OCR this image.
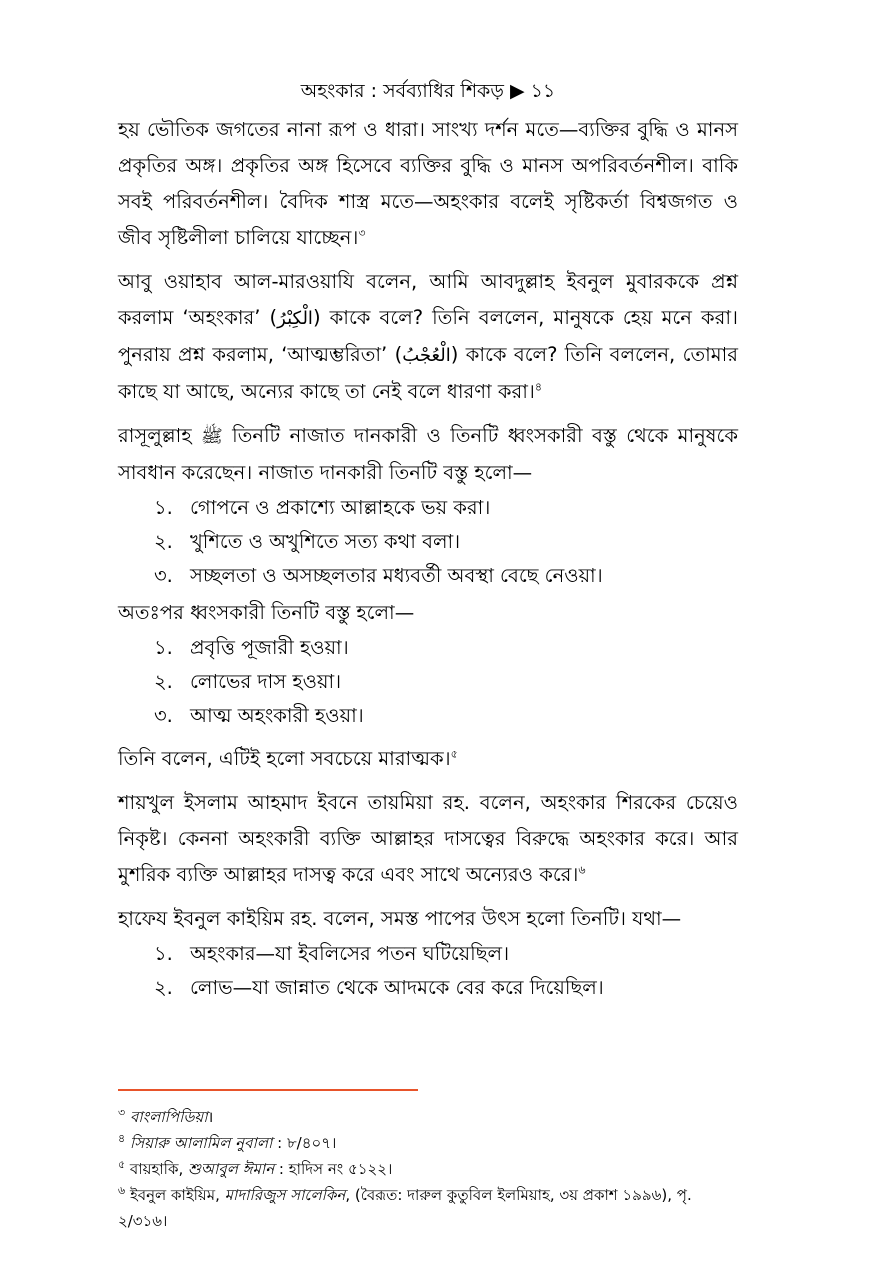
অহংকার : সর্বব্যাধির শিকড় ▶ ১১

হয় ভৌতিক জগতের নানা রূপ ও ধারা। সাংখ্য দর্শন মতে—ব্যক্তির বুদ্ধি ও মানস প্রকৃতির অঙ্গ। প্রকৃতির অঙ্গ হিসেবে ব্যক্তির বুদ্ধি ও মানস অপরিবর্তনশীল। বাকি সবই পরিবর্তনশীল। বৈদিক শাস্ত্র মতে—অহংকার বলেই সৃষ্টিকর্তা বিশ্বজগত ও জীব সৃষ্টিলীলা চালিয়ে যাচ্ছেন।$^৩$

আবু ওয়াহাব আল-মারওয়াযি বলেন, আমি আবদুল্লাহ ইবনুল মুবারককে প্রশ্ন করলাম ‘অহংকার’ (الْكِبْرُ) কাকে বলে? তিনি বললেন, মানুষকে হেয় মনে করা। পুনরায় প্রশ্ন করলাম, ‘আত্মম্ভরিতা’ (الْعُجْبُ) কাকে বলে? তিনি বললেন, তোমার কাছে যা আছে, অন্যের কাছে তা নেই বলে ধারণা করা।$^৪$

রাসূলুল্লাহ ﷺ তিনটি নাজাত দানকারী ও তিনটি ধ্বংসকারী বস্তু থেকে মানুষকে সাবধান করেছেন। নাজাত দানকারী তিনটি বস্তু হলো—

১. গোপনে ও প্রকাশ্যে আল্লাহকে ভয় করা।
২. খুশিতে ও অখুশিতে সত্য কথা বলা।
৩. সচ্ছলতা ও অসচ্ছলতার মধ্যবর্তী অবস্থা বেছে নেওয়া।

অতঃপর ধ্বংসকারী তিনটি বস্তু হলো—

১. প্রবৃত্তি পূজারী হওয়া।
২. লোভের দাস হওয়া।
৩. আত্ম অহংকারী হওয়া।

তিনি বলেন, এটিই হলো সবচেয়ে মারাত্মক।$^৫$

শায়খুল ইসলাম আহমাদ ইবনে তায়মিয়া রহ. বলেন, অহংকার শিরকের চেয়েও নিকৃষ্ট। কেননা অহংকারী ব্যক্তি আল্লাহর দাসত্বের বিরুদ্ধে অহংকার করে। আর মুশরিক ব্যক্তি আল্লাহর দাসত্ব করে এবং সাথে অন্যেরও করে।$^৬$

হাফেয ইবনুল কাইয়িম রহ. বলেন, সমস্ত পাপের উৎস হলো তিনটি। যথা—

১. অহংকার—যা ইবলিসের পতন ঘটিয়েছিল।
২. লোভ—যা জান্নাত থেকে আদমকে বের করে দিয়েছিল।

$^৩$ বাংলাপিডিয়া।

$^৪$ সিয়ারু আলামিল নুবালা : ৮/৪০৭।

$^৫$ বায়হাকি, শুআবুল ঈমান : হাদিস নং ৫১২২।

$^৬$ ইবনুল কাইয়িম, মাদারিজুস সালেকিন, (বৈরূত: দারুল কুতুবিল ইলমিয়াহ, ৩য় প্রকাশ ১৯৯৬), পৃ. ২/৩১৬।
